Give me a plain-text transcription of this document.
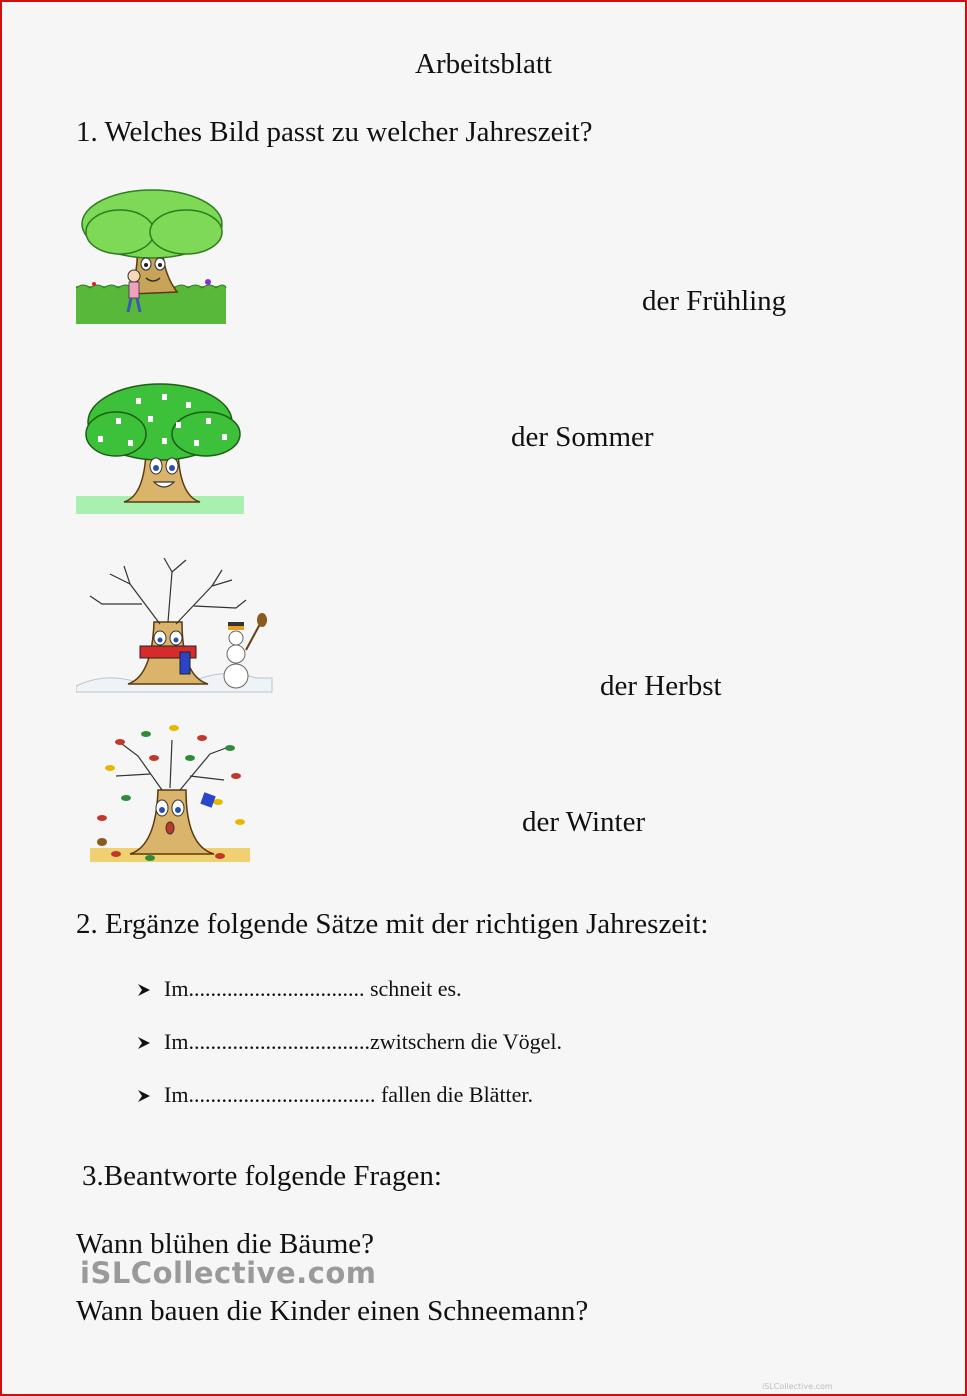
Arbeitsblatt
1. Welches Bild passt zu welcher Jahreszeit?
der Frühling
der Sommer
der Herbst
der Winter
2. Ergänze folgende Sätze mit der richtigen Jahreszeit:
Im................................ schneit es.
Im.................................zwitschern die Vögel.
Im.................................. fallen die Blätter.
3.Beantworte folgende Fragen:
Wann blühen die Bäume?
iSLCollective.com
Wann bauen die Kinder einen Schneemann?
iSLCollective.com
